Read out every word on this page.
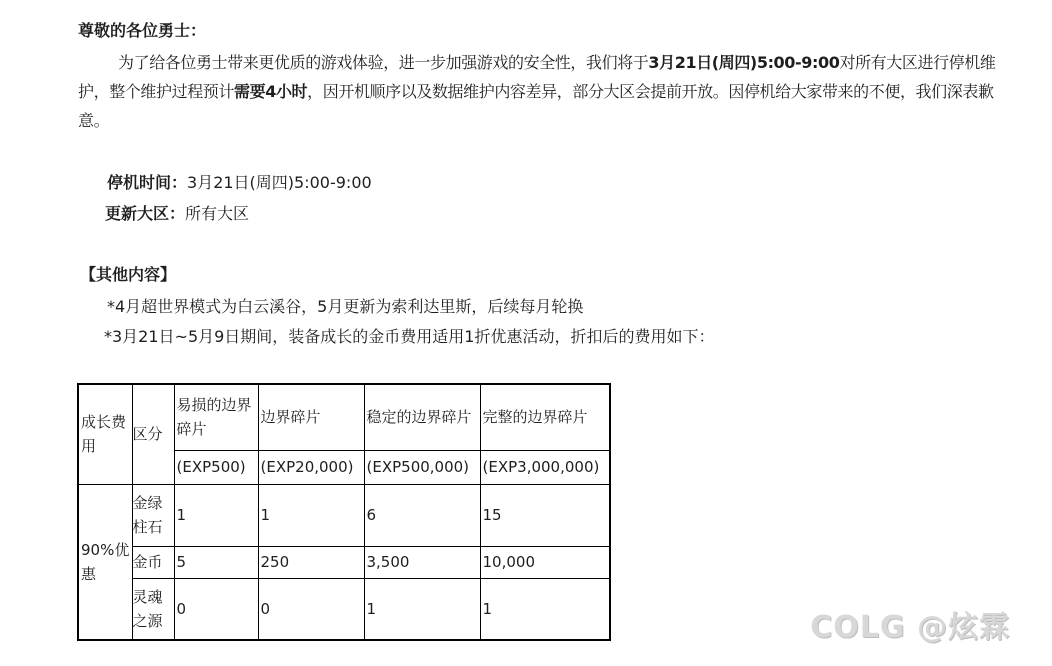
尊敬的各位勇士：
为了给各位勇士带来更优质的游戏体验，进一步加强游戏的安全性，我们将于3月21日(周四)5:00-9:00对所有大区进行停机维护，整个维护过程预计需要4小时，因开机顺序以及数据维护内容差异，部分大区会提前开放。因停机给大家带来的不便，我们深表歉意。
停机时间：3月21日(周四)5:00-9:00
更新大区：所有大区
【其他内容】
*4月超世界模式为白云溪谷，5月更新为索利达里斯，后续每月轮换
*3月21日~5月9日期间，装备成长的金币费用适用1折优惠活动，折扣后的费用如下：
成长费用	区分	易损的边界碎片	边界碎片	稳定的边界碎片	完整的边界碎片
		(EXP500)	(EXP20,000)	(EXP500,000)	(EXP3,000,000)
90%优惠	金绿柱石	1	1	6	15
	金币	5	250	3,500	10,000
	灵魂之源	0	0	1	1
COLG @炫霖
